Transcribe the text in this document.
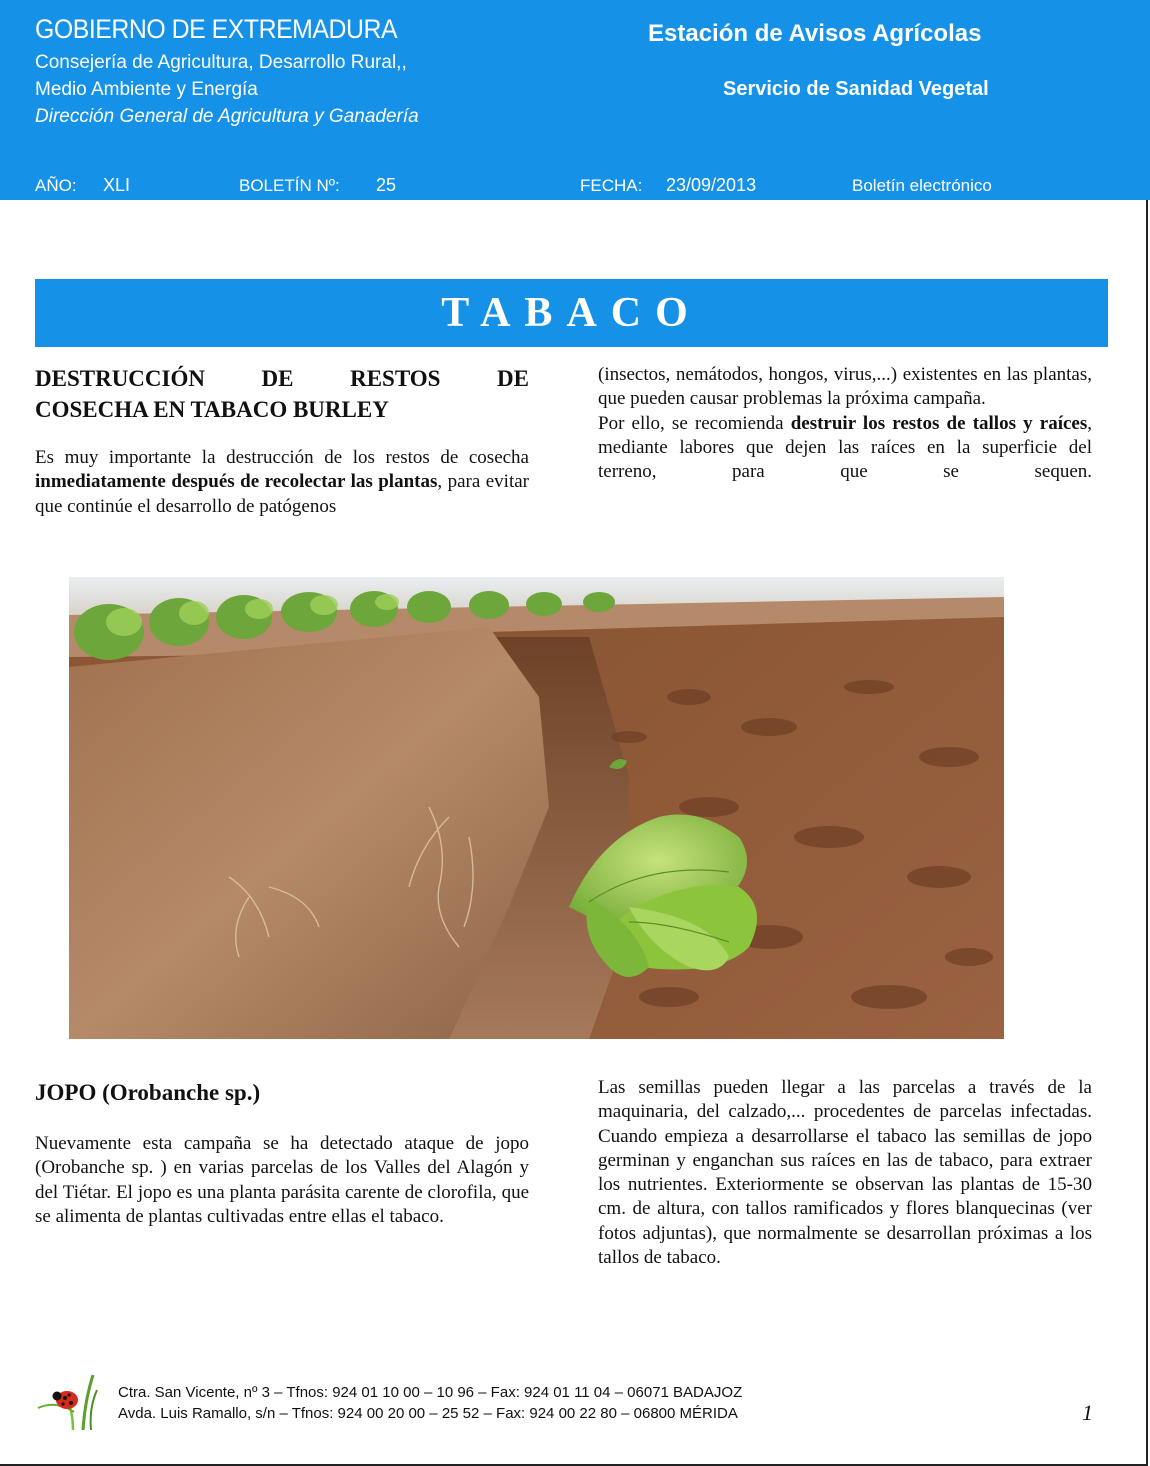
GOBIERNO DE EXTREMADURA
Consejería de Agricultura, Desarrollo Rural,,
Medio Ambiente y Energía
Dirección General de Agricultura y Ganadería
Estación de Avisos Agrícolas
Servicio de Sanidad Vegetal
AÑO: XLI	BOLETÍN Nº: 25	FECHA: 23/09/2013	Boletín electrónico
TABACO
DESTRUCCIÓN DE RESTOS DE
COSECHA EN TABACO BURLEY

Es muy importante la destrucción de los restos de cosecha inmediatamente después de recolectar las plantas, para evitar que continúe el desarrollo de patógenos

(insectos, nemátodos, hongos, virus,...) existentes en las plantas, que pueden causar problemas la próxima campaña.

Por ello, se recomienda destruir los restos de tallos y raíces, mediante labores que dejen las raíces en la superficie del terreno, para que se sequen.

JOPO (Orobanche sp.)

Nuevamente esta campaña se ha detectado ataque de jopo (Orobanche sp. ) en varias parcelas de los Valles del Alagón y del Tiétar. El jopo es una planta parásita carente de clorofila, que se alimenta de plantas cultivadas entre ellas el tabaco.

Las semillas pueden llegar a las parcelas a través de la maquinaria, del calzado,... procedentes de parcelas infectadas. Cuando empieza a desarrollarse el tabaco las semillas de jopo germinan y enganchan sus raíces en las de tabaco, para extraer los nutrientes. Exteriormente se observan las plantas de 15-30 cm. de altura, con tallos ramificados y flores blanquecinas (ver fotos adjuntas), que normalmente se desarrollan próximas a los tallos de tabaco.

Ctra. San Vicente, nº 3 – Tfnos: 924 01 10 00 – 10 96 – Fax: 924 01 11 04 – 06071 BADAJOZ
Avda. Luis Ramallo, s/n – Tfnos: 924 00 20 00 – 25 52 – Fax: 924 00 22 80 – 06800 MÉRIDA	1
